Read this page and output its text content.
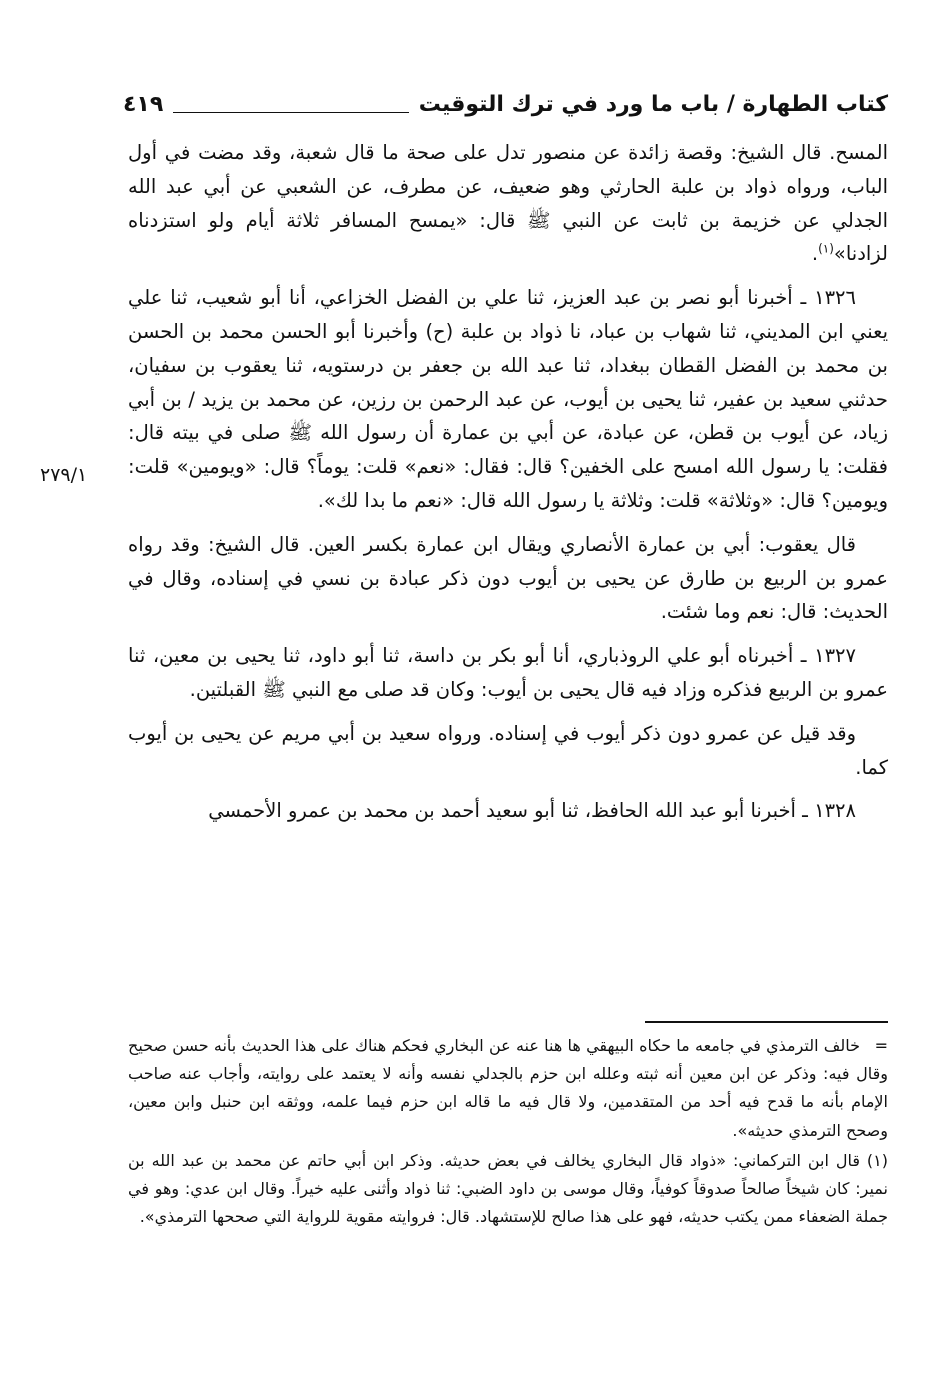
كتاب الطهارة / باب ما ورد في ترك التوقيت
٤١٩
٢٧٩/١

المسح. قال الشيخ: وقصة زائدة عن منصور تدل على صحة ما قال شعبة، وقد مضت في أول الباب، ورواه ذواد بن علبة الحارثي وهو ضعيف، عن مطرف، عن الشعبي عن أبي عبد الله الجدلي عن خزيمة بن ثابت عن النبي ﷺ قال: «يمسح المسافر ثلاثة أيام ولو استزدناه لزادنا»$^{(١)}$.

١٣٢٦ ـ أخبرنا أبو نصر بن عبد العزيز، ثنا علي بن الفضل الخزاعي، أنا أبو شعيب، ثنا علي يعني ابن المديني، ثنا شهاب بن عباد، نا ذواد بن علبة (ح) وأخبرنا أبو الحسن محمد بن الحسن بن محمد بن الفضل القطان ببغداد، ثنا عبد الله بن جعفر بن درستويه، ثنا يعقوب بن سفيان، حدثني سعيد بن عفير، ثنا يحيى بن أيوب، عن عبد الرحمن بن رزين، عن محمد بن يزيد / بن أبي زياد، عن أيوب بن قطن، عن عبادة، عن أبي بن عمارة أن رسول الله ﷺ صلى في بيته قال: فقلت: يا رسول الله امسح على الخفين؟ قال: فقال: «نعم» قلت: يوماً؟ قال: «ويومين» قلت: ويومين؟ قال: «وثلاثة» قلت: وثلاثة يا رسول الله قال: «نعم ما بدا لك».

قال يعقوب: أبي بن عمارة الأنصاري ويقال ابن عمارة بكسر العين. قال الشيخ: وقد رواه عمرو بن الربيع بن طارق عن يحيى بن أيوب دون ذكر عبادة بن نسي في إسناده، وقال في الحديث: قال: نعم وما شئت.

١٣٢٧ ـ أخبرناه أبو علي الروذباري، أنا أبو بكر بن داسة، ثنا أبو داود، ثنا يحيى بن معين، ثنا عمرو بن الربيع فذكره وزاد فيه قال يحيى بن أيوب: وكان قد صلى مع النبي ﷺ القبلتين.

وقد قيل عن عمرو دون ذكر أيوب في إسناده. ورواه سعيد بن أبي مريم عن يحيى بن أيوب كما.

١٣٢٨ ـ أخبرنا أبو عبد الله الحافظ، ثنا أبو سعيد أحمد بن محمد بن عمرو الأحمسي

=خالف الترمذي في جامعه ما حكاه البيهقي ها هنا عنه عن البخاري فحكم هناك على هذا الحديث بأنه حسن صحيح وقال فيه: وذكر عن ابن معين أنه ثبته وعلله ابن حزم بالجدلي نفسه وأنه لا يعتمد على روايته، وأجاب عنه صاحب الإمام بأنه ما قدح فيه أحد من المتقدمين، ولا قال فيه ما قاله ابن حزم فيما علمه، ووثقه ابن حنبل وابن معين، وصحح الترمذي حديثه».

(١)قال ابن التركماني: «ذواد قال البخاري يخالف في بعض حديثه. وذكر ابن أبي حاتم عن محمد بن عبد الله بن نمير: كان شيخاً صالحاً صدوقاً كوفياً، وقال موسى بن داود الضبي: ثنا ذواد وأثنى عليه خيراً. وقال ابن عدي: وهو في جملة الضعفاء ممن يكتب حديثه، فهو على هذا صالح للإستشهاد. قال: فروايته مقوية للرواية التي صححها الترمذي».
